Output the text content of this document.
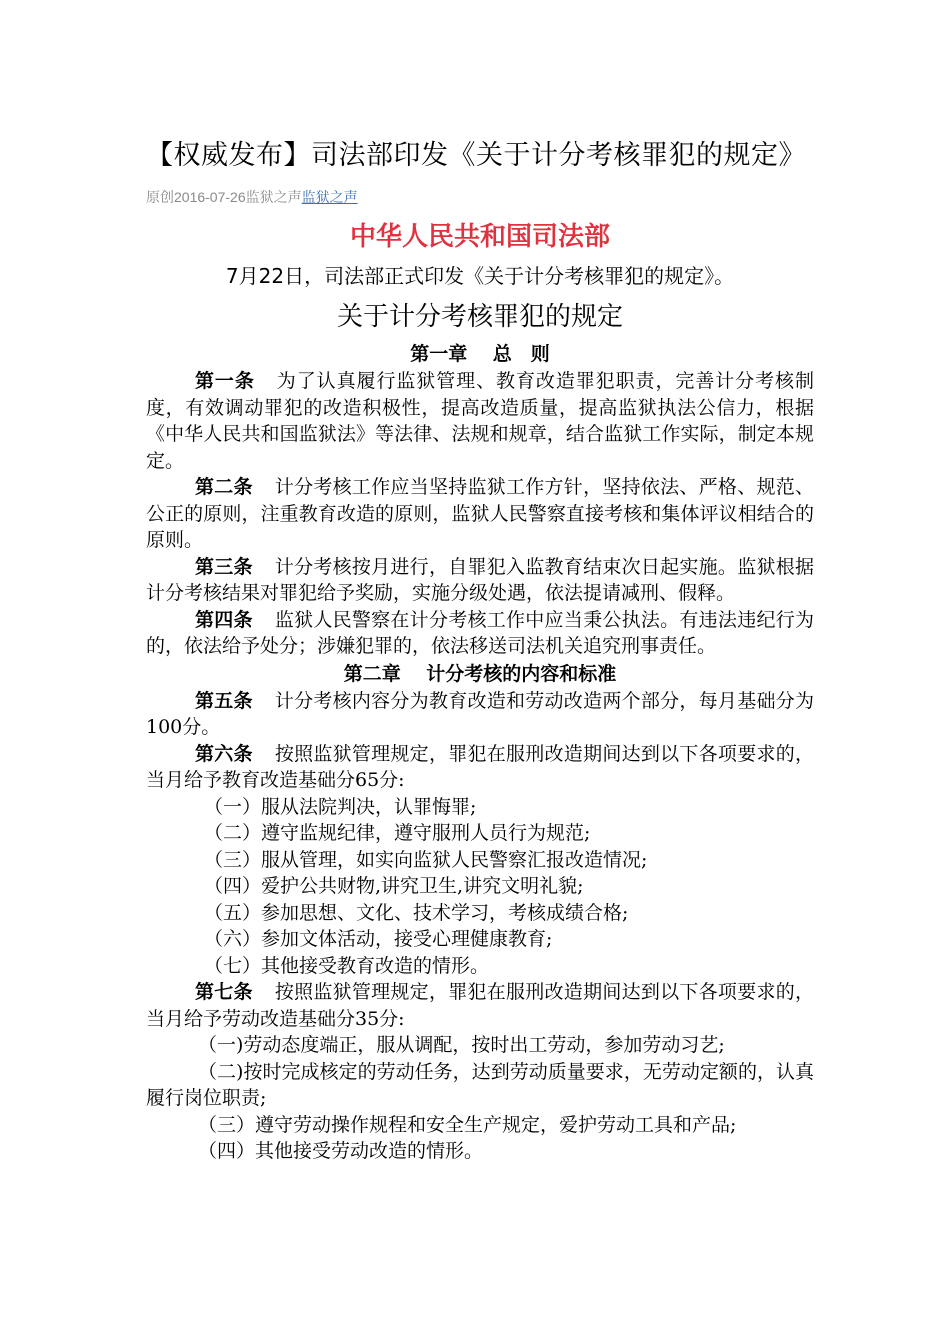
【权威发布】司法部印发《关于计分考核罪犯的规定》
原创2016-07-26监狱之声监狱之声
中华人民共和国司法部
7月22日，司法部正式印发《关于计分考核罪犯的规定》。
关于计分考核罪犯的规定
第一章　 总　则
第一条 为了认真履行监狱管理、教育改造罪犯职责，完善计分考核制度，有效调动罪犯的改造积极性，提高改造质量，提高监狱执法公信力，根据《中华人民共和国监狱法》等法律、法规和规章，结合监狱工作实际，制定本规定。
第二条 计分考核工作应当坚持监狱工作方针，坚持依法、严格、规范、公正的原则，注重教育改造的原则，监狱人民警察直接考核和集体评议相结合的原则。
第三条 计分考核按月进行，自罪犯入监教育结束次日起实施。监狱根据计分考核结果对罪犯给予奖励，实施分级处遇，依法提请减刑、假释。
第四条 监狱人民警察在计分考核工作中应当秉公执法。有违法违纪行为的，依法给予处分；涉嫌犯罪的，依法移送司法机关追究刑事责任。
第二章　 计分考核的内容和标准
第五条 计分考核内容分为教育改造和劳动改造两个部分，每月基础分为100分。
第六条 按照监狱管理规定，罪犯在服刑改造期间达到以下各项要求的，当月给予教育改造基础分65分:
（一）服从法院判决，认罪悔罪;
（二）遵守监规纪律，遵守服刑人员行为规范;
（三）服从管理，如实向监狱人民警察汇报改造情况;
（四）爱护公共财物,讲究卫生,讲究文明礼貌;
（五）参加思想、文化、技术学习，考核成绩合格;
（六）参加文体活动，接受心理健康教育;
（七）其他接受教育改造的情形。
第七条 按照监狱管理规定，罪犯在服刑改造期间达到以下各项要求的，当月给予劳动改造基础分35分:
（一)劳动态度端正，服从调配，按时出工劳动，参加劳动习艺;
（二)按时完成核定的劳动任务，达到劳动质量要求，无劳动定额的，认真履行岗位职责;
（三）遵守劳动操作规程和安全生产规定，爱护劳动工具和产品;
（四）其他接受劳动改造的情形。
